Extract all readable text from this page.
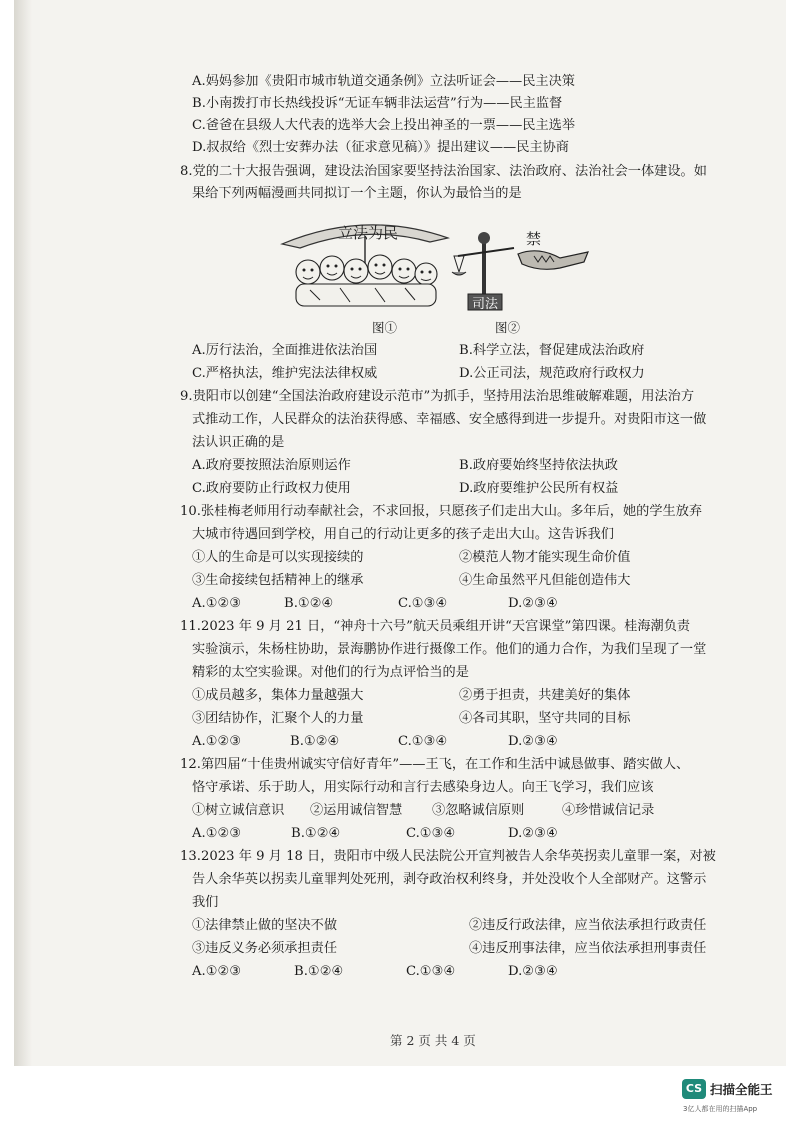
A.妈妈参加《贵阳市城市轨道交通条例》立法听证会——民主决策
B.小南拨打市长热线投诉“无证车辆非法运营”行为——民主监督
C.爸爸在县级人大代表的选举大会上投出神圣的一票——民主选举
D.叔叔给《烈士安葬办法（征求意见稿）》提出建议——民主协商
8.党的二十大报告强调，建设法治国家要坚持法治国家、法治政府、法治社会一体建设。如
果给下列两幅漫画共同拟订一个主题，你认为最恰当的是
立法为民	禁
司法
图①	图②
A.厉行法治，全面推进依法治国	B.科学立法，督促建成法治政府
C.严格执法，维护宪法法律权威	D.公正司法，规范政府行政权力
9.贵阳市以创建“全国法治政府建设示范市”为抓手，坚持用法治思维破解难题，用法治方
式推动工作，人民群众的法治获得感、幸福感、安全感得到进一步提升。对贵阳市这一做
法认识正确的是
A.政府要按照法治原则运作	B.政府要始终坚持依法执政
C.政府要防止行政权力使用	D.政府要维护公民所有权益
10.张桂梅老师用行动奉献社会，不求回报，只愿孩子们走出大山。多年后，她的学生放弃
大城市待遇回到学校，用自己的行动让更多的孩子走出大山。这告诉我们
①人的生命是可以实现接续的	②模范人物才能实现生命价值
③生命接续包括精神上的继承	④生命虽然平凡但能创造伟大
A.①②③	B.①②④	C.①③④	D.②③④
11.2023 年 9 月 21 日，“神舟十六号”航天员乘组开讲“天宫课堂”第四课。桂海潮负责
实验演示，朱杨柱协助，景海鹏协作进行摄像工作。他们的通力合作，为我们呈现了一堂
精彩的太空实验课。对他们的行为点评恰当的是
①成员越多，集体力量越强大	②勇于担责，共建美好的集体
③团结协作，汇聚个人的力量	④各司其职，坚守共同的目标
A.①②③	B.①②④	C.①③④	D.②③④
12.第四届“十佳贵州诚实守信好青年”——王飞，在工作和生活中诚恳做事、踏实做人、
恪守承诺、乐于助人，用实际行动和言行去感染身边人。向王飞学习，我们应该
①树立诚信意识 ②运用诚信智慧 ③忽略诚信原则	④珍惜诚信记录
A.①②③	B.①②④	C.①③④	D.②③④
13.2023 年 9 月 18 日，贵阳市中级人民法院公开宣判被告人余华英拐卖儿童罪一案，对被
告人余华英以拐卖儿童罪判处死刑，剥夺政治权利终身，并处没收个人全部财产。这警示
我们
①法律禁止做的坚决不做	②违反行政法律，应当依法承担行政责任
③违反义务必须承担责任	④违反刑事法律，应当依法承担刑事责任
A.①②③	B.①②④	C.①③④	D.②③④
第 2 页 共 4 页
CS 扫描全能王
3亿人都在用的扫描App
